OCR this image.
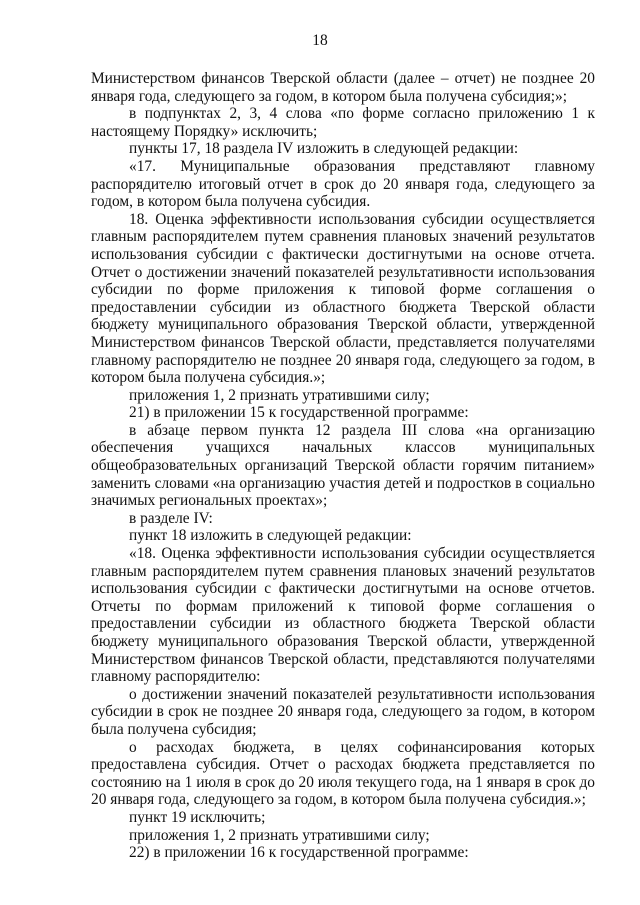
18

Министерством финансов Тверской области (далее – отчет) не позднее 20 января года, следующего за годом, в котором была получена субсидия;»;

в подпунктах 2, 3, 4 слова «по форме согласно приложению 1 к настоящему Порядку» исключить;

пункты 17, 18 раздела IV изложить в следующей редакции:

«17. Муниципальные образования представляют главному распорядителю итоговый отчет в срок до 20 января года, следующего за годом, в котором была получена субсидия.

18. Оценка эффективности использования субсидии осуществляется главным распорядителем путем сравнения плановых значений результатов использования субсидии с фактически достигнутыми на основе отчета. Отчет о достижении значений показателей результативности использования субсидии по форме приложения к типовой форме соглашения о предоставлении субсидии из областного бюджета Тверской области бюджету муниципального образования Тверской области, утвержденной Министерством финансов Тверской области, представляется получателями главному распорядителю не позднее 20 января года, следующего за годом, в котором была получена субсидия.»;

приложения 1, 2 признать утратившими силу;

21) в приложении 15 к государственной программе:

в абзаце первом пункта 12 раздела III слова «на организацию обеспечения учащихся начальных классов муниципальных общеобразовательных организаций Тверской области горячим питанием» заменить словами «на организацию участия детей и подростков в социально значимых региональных проектах»;

в разделе IV:

пункт 18 изложить в следующей редакции:

«18. Оценка эффективности использования субсидии осуществляется главным распорядителем путем сравнения плановых значений результатов использования субсидии с фактически достигнутыми на основе отчетов. Отчеты по формам приложений к типовой форме соглашения о предоставлении субсидии из областного бюджета Тверской области бюджету муниципального образования Тверской области, утвержденной Министерством финансов Тверской области, представляются получателями главному распорядителю:

о достижении значений показателей результативности использования субсидии в срок не позднее 20 января года, следующего за годом, в котором была получена субсидия;

о расходах бюджета, в целях софинансирования которых предоставлена субсидия. Отчет о расходах бюджета представляется по состоянию на 1 июля в срок до 20 июля текущего года, на 1 января в срок до 20 января года, следующего за годом, в котором была получена субсидия.»;

пункт 19 исключить;

приложения 1, 2 признать утратившими силу;

22) в приложении 16 к государственной программе:
